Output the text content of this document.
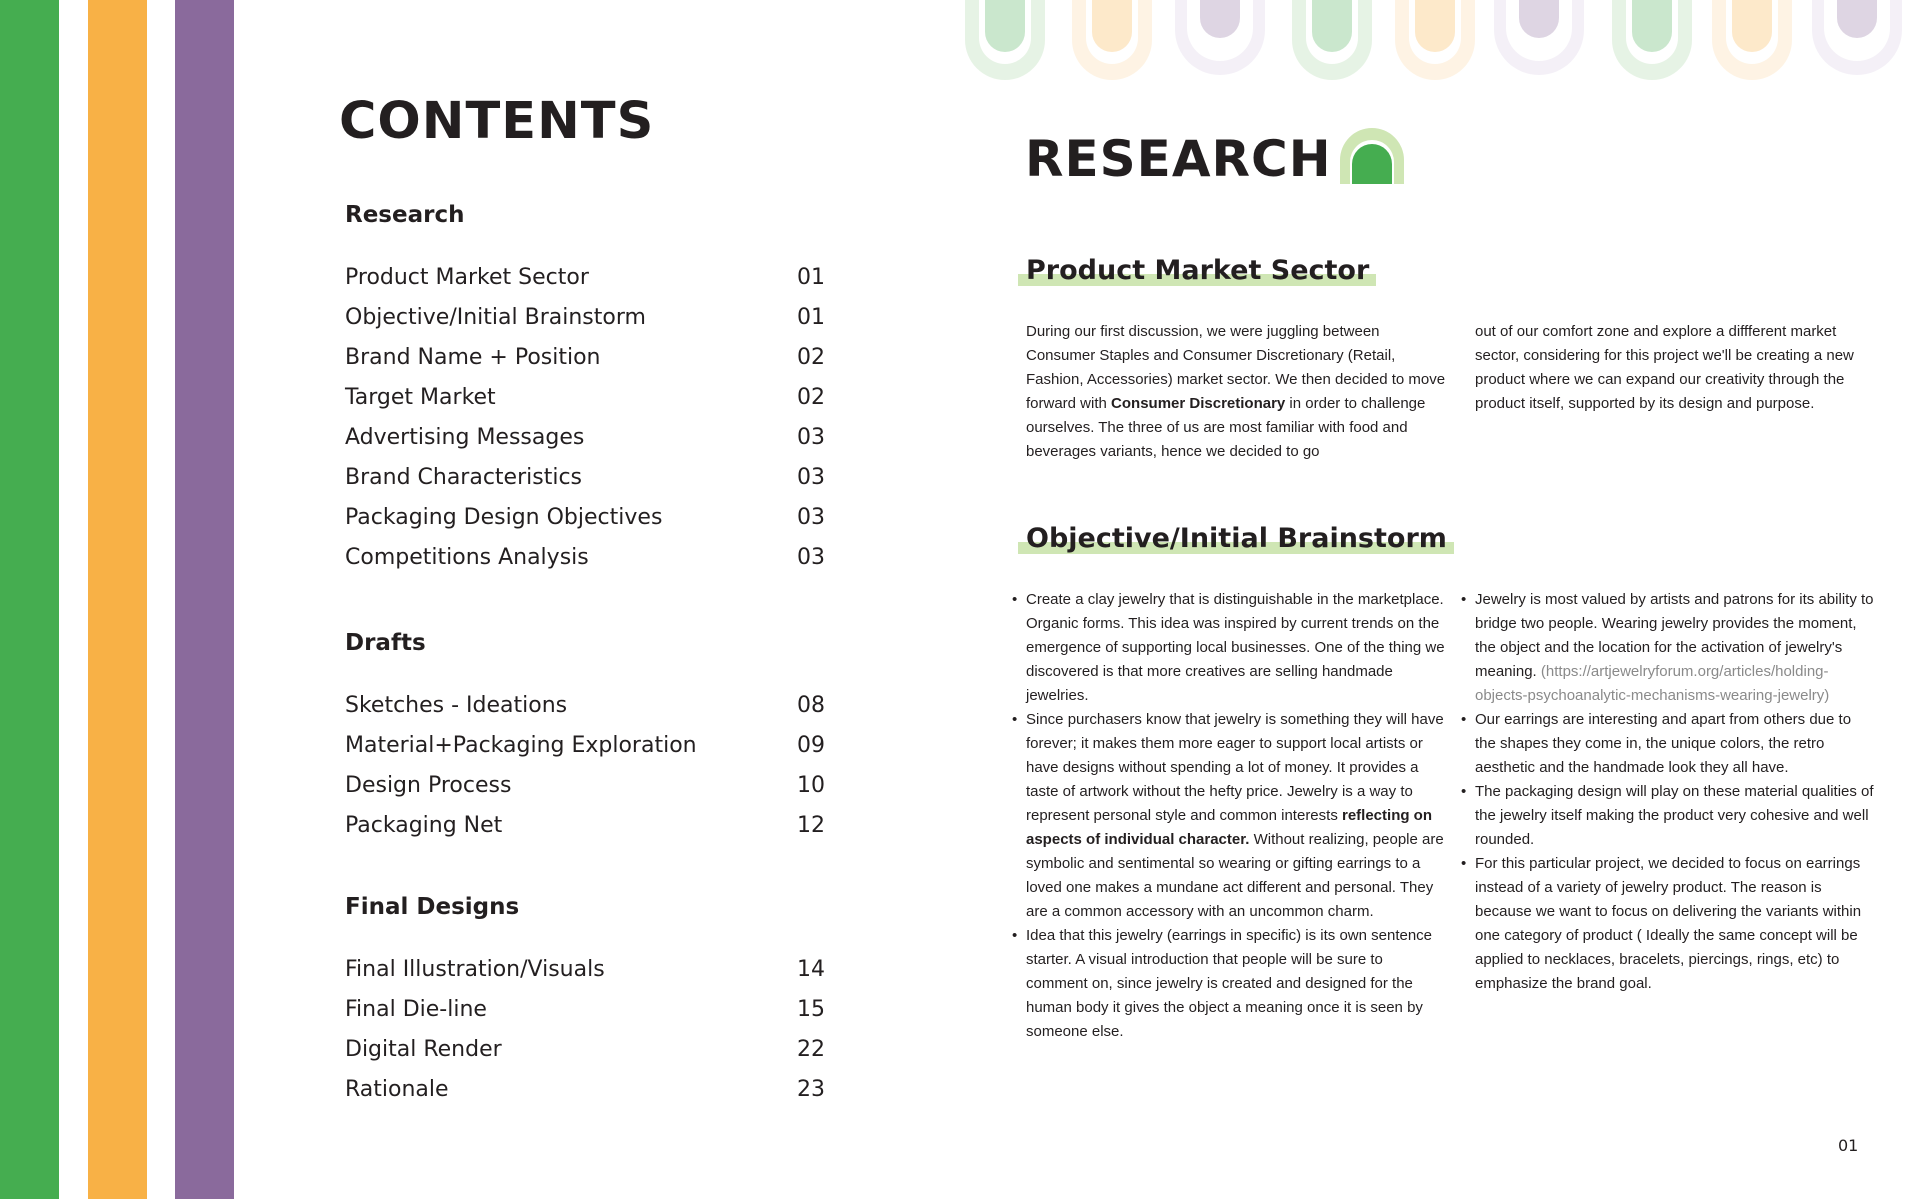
CONTENTS
Research
Product Market Sector	01
Objective/Initial Brainstorm	01
Brand Name + Position	02
Target Market	02
Advertising Messages	03
Brand Characteristics	03
Packaging Design Objectives	03
Competitions Analysis	03
Drafts
Sketches - Ideations	08
Material+Packaging Exploration	09
Design Process	10
Packaging Net	12
Final Designs
Final Illustration/Visuals	14
Final Die-line	15
Digital Render	22
Rationale	23
RESEARCH
Product Market Sector

During our first discussion, we were juggling between Consumer Staples and Consumer Discretionary (Retail, Fashion, Accessories) market sector. We then decided to move forward with Consumer Discretionary in order to challenge ourselves. The three of us are most familiar with food and beverages variants, hence we decided to go

out of our comfort zone and explore a diffferent market sector, considering for this project we'll be creating a new product where we can expand our creativity through the product itself, supported by its design and purpose.

Objective/Initial Brainstorm

• Create a clay jewelry that is distinguishable in the marketplace. Organic forms. This idea was inspired by current trends on the emergence of supporting local businesses. One of the thing we discovered is that more creatives are selling handmade jewelries.

• Since purchasers know that jewelry is something they will have forever; it makes them more eager to support local artists or have designs without spending a lot of money. It provides a taste of artwork without the hefty price. Jewelry is a way to represent personal style and common interests reflecting on aspects of individual character. Without realizing, people are symbolic and sentimental so wearing or gifting earrings to a loved one makes a mundane act different and personal. They are a common accessory with an uncommon charm.

• Idea that this jewelry (earrings in specific) is its own sentence starter. A visual introduction that people will be sure to comment on, since jewelry is created and designed for the human body it gives the object a meaning once it is seen by someone else.

• Jewelry is most valued by artists and patrons for its ability to bridge two people. Wearing jewelry provides the moment, the object and the location for the activation of jewelry's meaning. (https://artjewelryforum.org/articles/holding-objects-psychoanalytic-mechanisms-wearing-jewelry)

• Our earrings are interesting and apart from others due to the shapes they come in, the unique colors, the retro aesthetic and the handmade look they all have.

• The packaging design will play on these material qualities of the jewelry itself making the product very cohesive and well rounded.

• For this particular project, we decided to focus on earrings instead of a variety of jewelry product. The reason is because we want to focus on delivering the variants within one category of product ( Ideally the same concept will be applied to necklaces, bracelets, piercings, rings, etc) to emphasize the brand goal.

01
